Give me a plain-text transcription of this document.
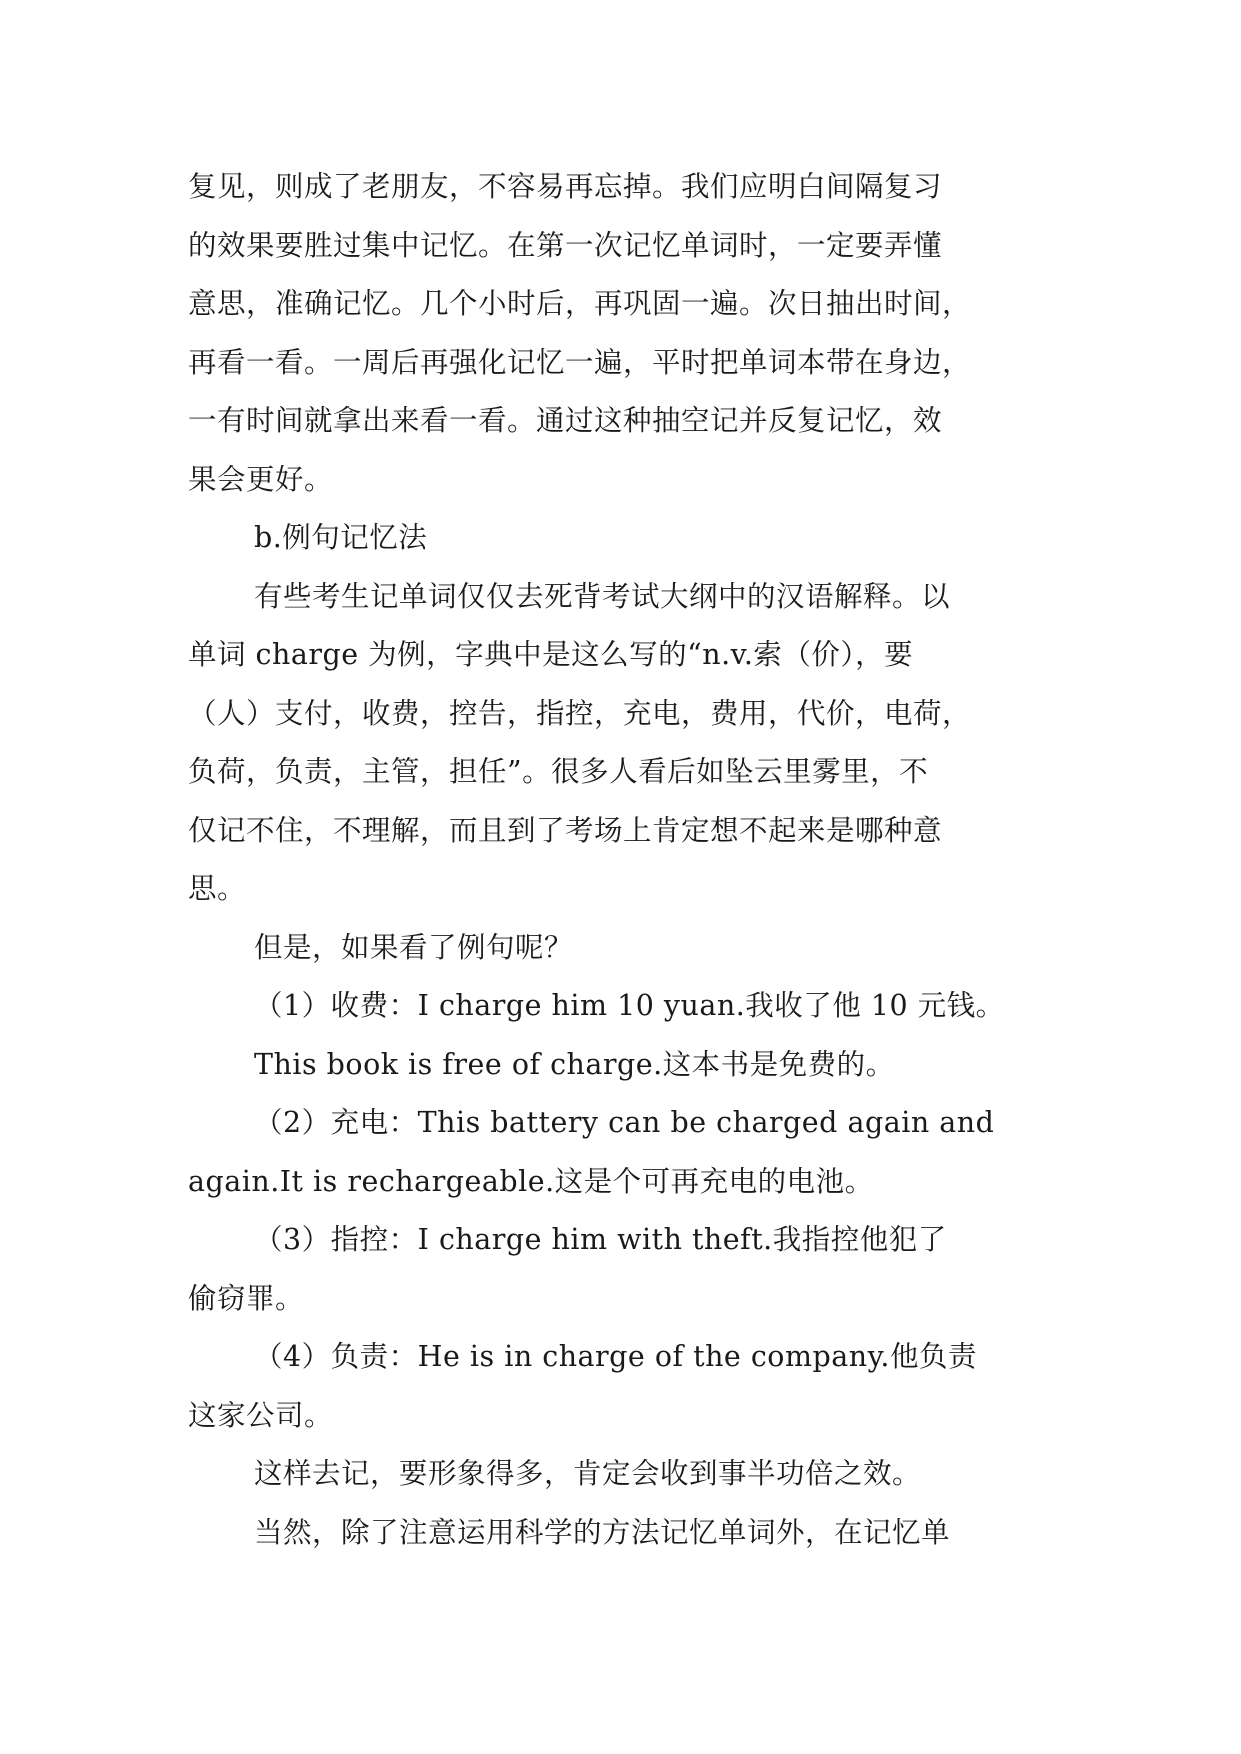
复见，则成了老朋友，不容易再忘掉。我们应明白间隔复习
的效果要胜过集中记忆。在第一次记忆单词时，一定要弄懂
意思，准确记忆。几个小时后，再巩固一遍。次日抽出时间，
再看一看。一周后再强化记忆一遍，平时把单词本带在身边，
一有时间就拿出来看一看。通过这种抽空记并反复记忆，效
果会更好。
b.例句记忆法
有些考生记单词仅仅去死背考试大纲中的汉语解释。以
单词 charge 为例，字典中是这么写的“n.v.索（价），要
（人）支付，收费，控告，指控，充电，费用，代价，电荷，
负荷，负责，主管，担任”。很多人看后如坠云里雾里，不
仅记不住，不理解，而且到了考场上肯定想不起来是哪种意
思。
但是，如果看了例句呢？
（1）收费：I charge him 10 yuan.我收了他 10 元钱。
This book is free of charge.这本书是免费的。
（2）充电：This battery can be charged again and
again.It is rechargeable.这是个可再充电的电池。
（3）指控：I charge him with theft.我指控他犯了
偷窃罪。
（4）负责：He is in charge of the company.他负责
这家公司。
这样去记，要形象得多，肯定会收到事半功倍之效。
当然，除了注意运用科学的方法记忆单词外，在记忆单
